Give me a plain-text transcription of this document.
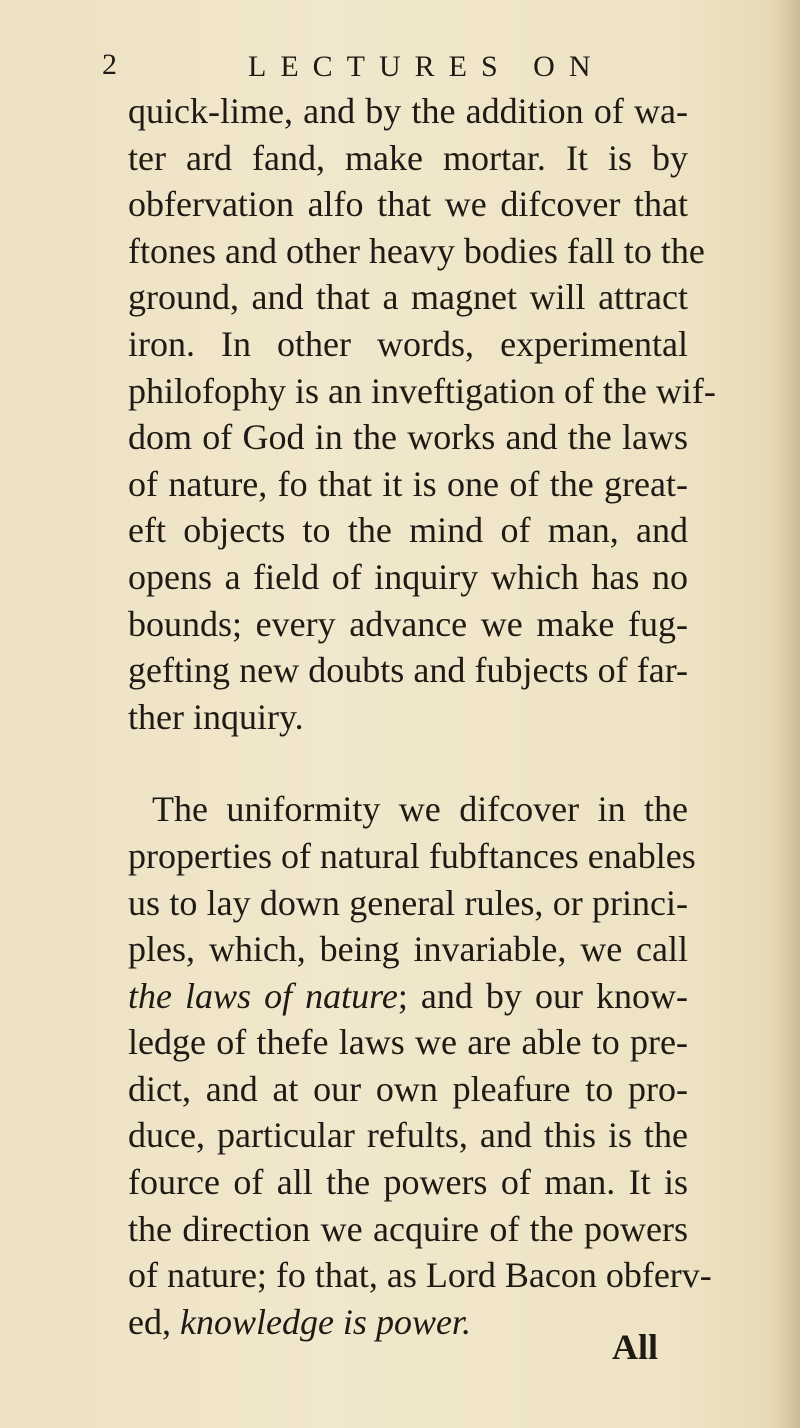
2	LECTURES ON
quick-lime, and by the addition of wa-
ter ard fand, make mortar. It is by
obfervation alfo that we difcover that
ftones and other heavy bodies fall to the
ground, and that a magnet will attract
iron. In other words, experimental
philofophy is an inveftigation of the wif-
dom of God in the works and the laws
of nature, fo that it is one of the great-
eft objects to the mind of man, and
opens a field of inquiry which has no
bounds; every advance we make fug-
gefting new doubts and fubjects of far-
ther inquiry.
The uniformity we difcover in the
properties of natural fubftances enables
us to lay down general rules, or princi-
ples, which, being invariable, we call
the laws of nature; and by our know-
ledge of thefe laws we are able to pre-
dict, and at our own pleafure to pro-
duce, particular refults, and this is the
fource of all the powers of man. It is
the direction we acquire of the powers
of nature; fo that, as Lord Bacon obferv-
ed, knowledge is power.
All
